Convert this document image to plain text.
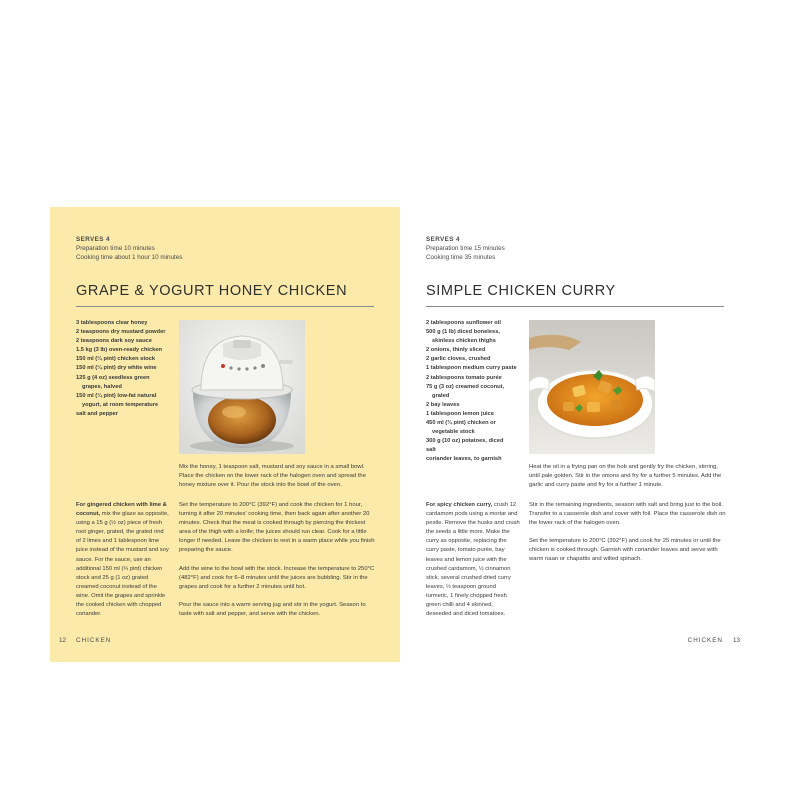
SERVES 4
Preparation time 10 minutes
Cooking time about 1 hour 10 minutes
GRAPE & YOGURT HONEY CHICKEN
3 tablespoons clear honey
2 teaspoons dry mustard powder
2 teaspoons dark soy sauce
1.5 kg (3 lb) oven-ready chicken
150 ml (¼ pint) chicken stock
150 ml (¼ pint) dry white wine
125 g (4 oz) seedless green grapes, halved
150 ml (¼ pint) low-fat natural yogurt, at room temperature
salt and pepper

Mix the honey, 1 teaspoon salt, mustard and soy sauce in a small bowl. Place the chicken on the lower rack of the halogen oven and spread the honey mixture over it. Pour the stock into the bowl of the oven.

Set the temperature to 200°C (392°F) and cook the chicken for 1 hour, turning it after 20 minutes' cooking time, then back again after another 20 minutes. Check that the meat is cooked through by piercing the thickest area of the thigh with a knife; the juices should run clear. Cook for a little longer if needed. Leave the chicken to rest in a warm place while you finish preparing the sauce.

Add the wine to the bowl with the stock. Increase the temperature to 250°C (482°F) and cook for 6–8 minutes until the juices are bubbling. Stir in the grapes and cook for a further 2 minutes until hot.

Pour the sauce into a warm serving jug and stir in the yogurt. Season to taste with salt and pepper, and serve with the chicken.

For gingered chicken with lime & coconut, mix the glaze as opposite, using a 15 g (½ oz) piece of fresh root ginger, grated, the grated rind of 2 limes and 1 tablespoon lime juice instead of the mustard and soy sauce. For the sauce, use an additional 150 ml (¼ pint) chicken stock and 25 g (1 oz) grated creamed coconut instead of the wine. Omit the grapes and sprinkle the cooked chicken with chopped coriander.
12 CHICKEN
SERVES 4
Preparation time 15 minutes
Cooking time 35 minutes
SIMPLE CHICKEN CURRY
2 tablespoons sunflower oil
500 g (1 lb) diced boneless, skinless chicken thighs
2 onions, thinly sliced
2 garlic cloves, crushed
1 tablespoon medium curry paste
2 tablespoons tomato purée
75 g (3 oz) creamed coconut, grated
2 bay leaves
1 tablespoon lemon juice
450 ml (¾ pint) chicken or vegetable stock
300 g (10 oz) potatoes, diced
salt
coriander leaves, to garnish

Heat the oil in a frying pan on the hob and gently fry the chicken, stirring, until pale golden. Stir in the onions and fry for a further 5 minutes. Add the garlic and curry paste and fry for a further 1 minute.

Stir in the remaining ingredients, season with salt and bring just to the boil. Transfer to a casserole dish and cover with foil. Place the casserole dish on the lower rack of the halogen oven.

Set the temperature to 200°C (392°F) and cook for 25 minutes or until the chicken is cooked through. Garnish with coriander leaves and serve with warm naan or chapattis and wilted spinach.

For spicy chicken curry, crush 12 cardamom pods using a mortar and pestle. Remove the husks and crush the seeds a little more. Make the curry as opposite, replacing the curry paste, tomato purée, bay leaves and lemon juice with the crushed cardamom, ½ cinnamon stick, several crushed dried curry leaves, ½ teaspoon ground turmeric, 1 finely chopped fresh green chilli and 4 skinned, deseeded and diced tomatoes.
CHICKEN 13
